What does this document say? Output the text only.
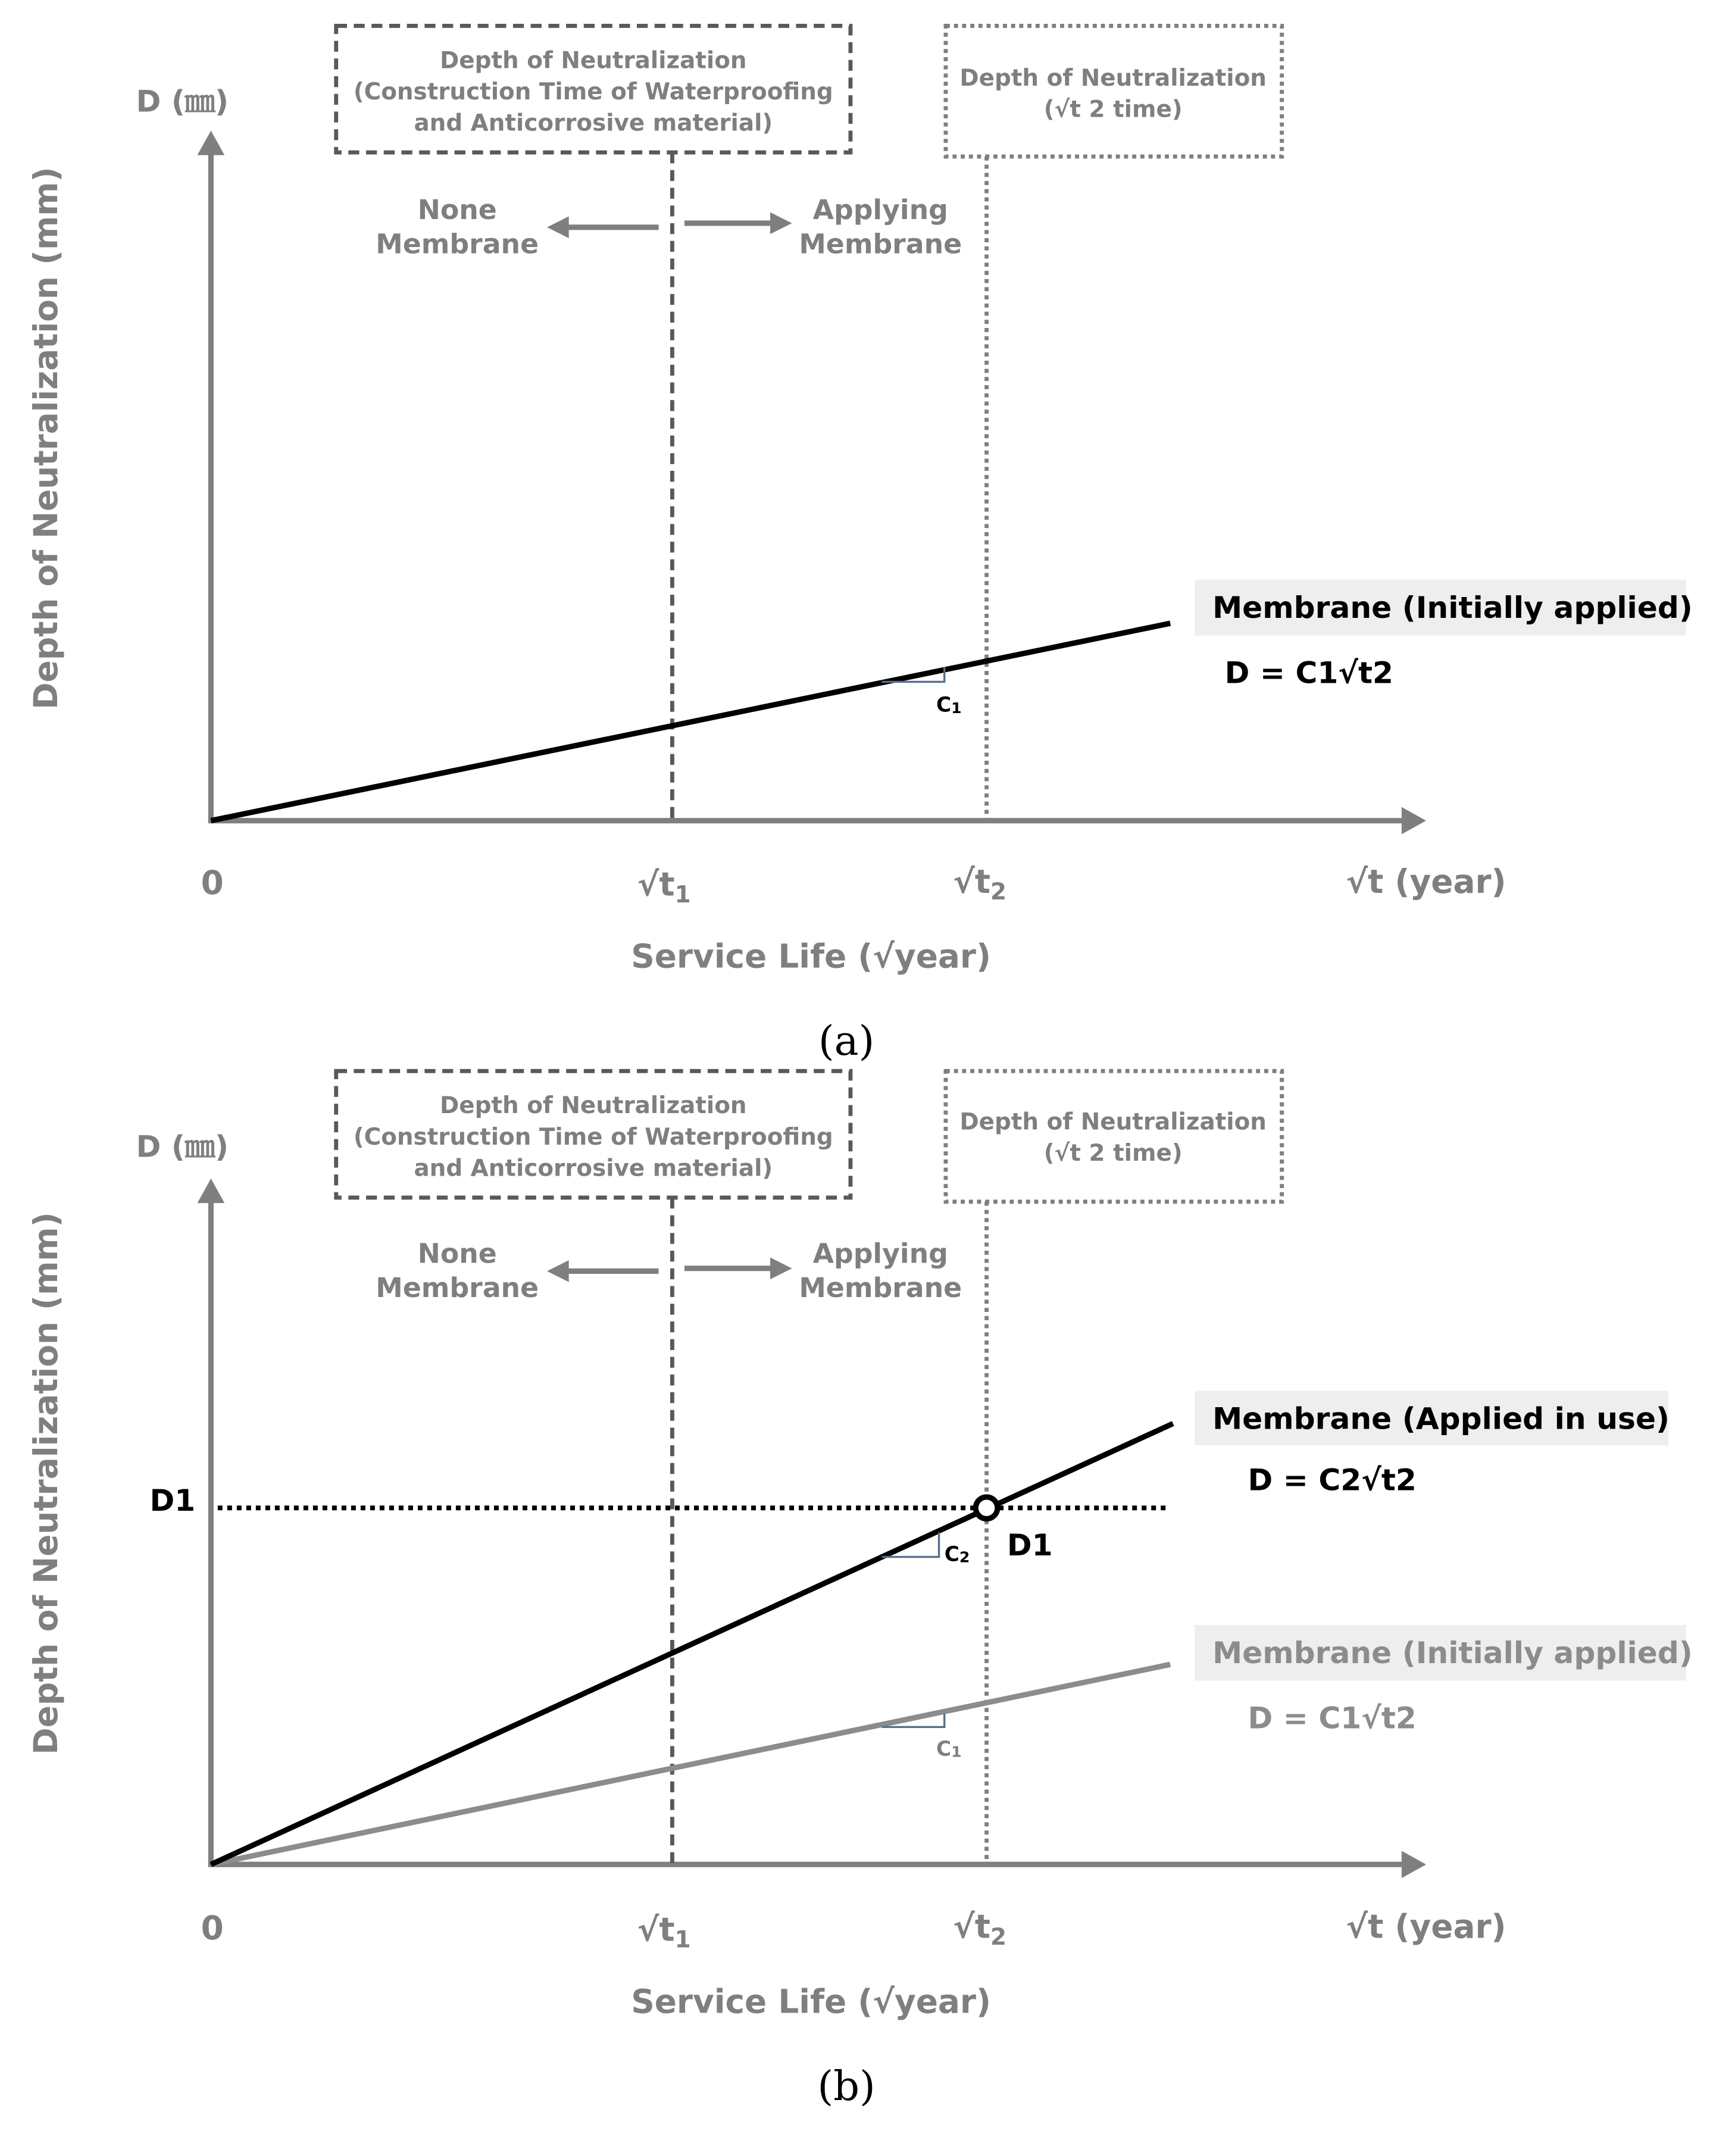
D (㎜)
Depth of Neutralization (mm)
Depth of Neutralization
(Construction Time of Waterproofing
and Anticorrosive material)
Depth of Neutralization
(√t 2 time)
None
Membrane
Applying
Membrane
C1
Membrane (Initially applied)
D = C1√t2
0	$√t_1$	$√t_2$	√t (year)
Service Life (√year)
(a)
D (㎜)
Depth of Neutralization (mm)
Depth of Neutralization
(Construction Time of Waterproofing
and Anticorrosive material)
Depth of Neutralization
(√t 2 time)
None
Membrane
Applying
Membrane
D1
C1
C2	D1
Membrane (Applied in use)
D = C2√t2
Membrane (Initially applied)
D = C1√t2
0	$√t_1$	$√t_2$	√t (year)
Service Life (√year)
(b)
